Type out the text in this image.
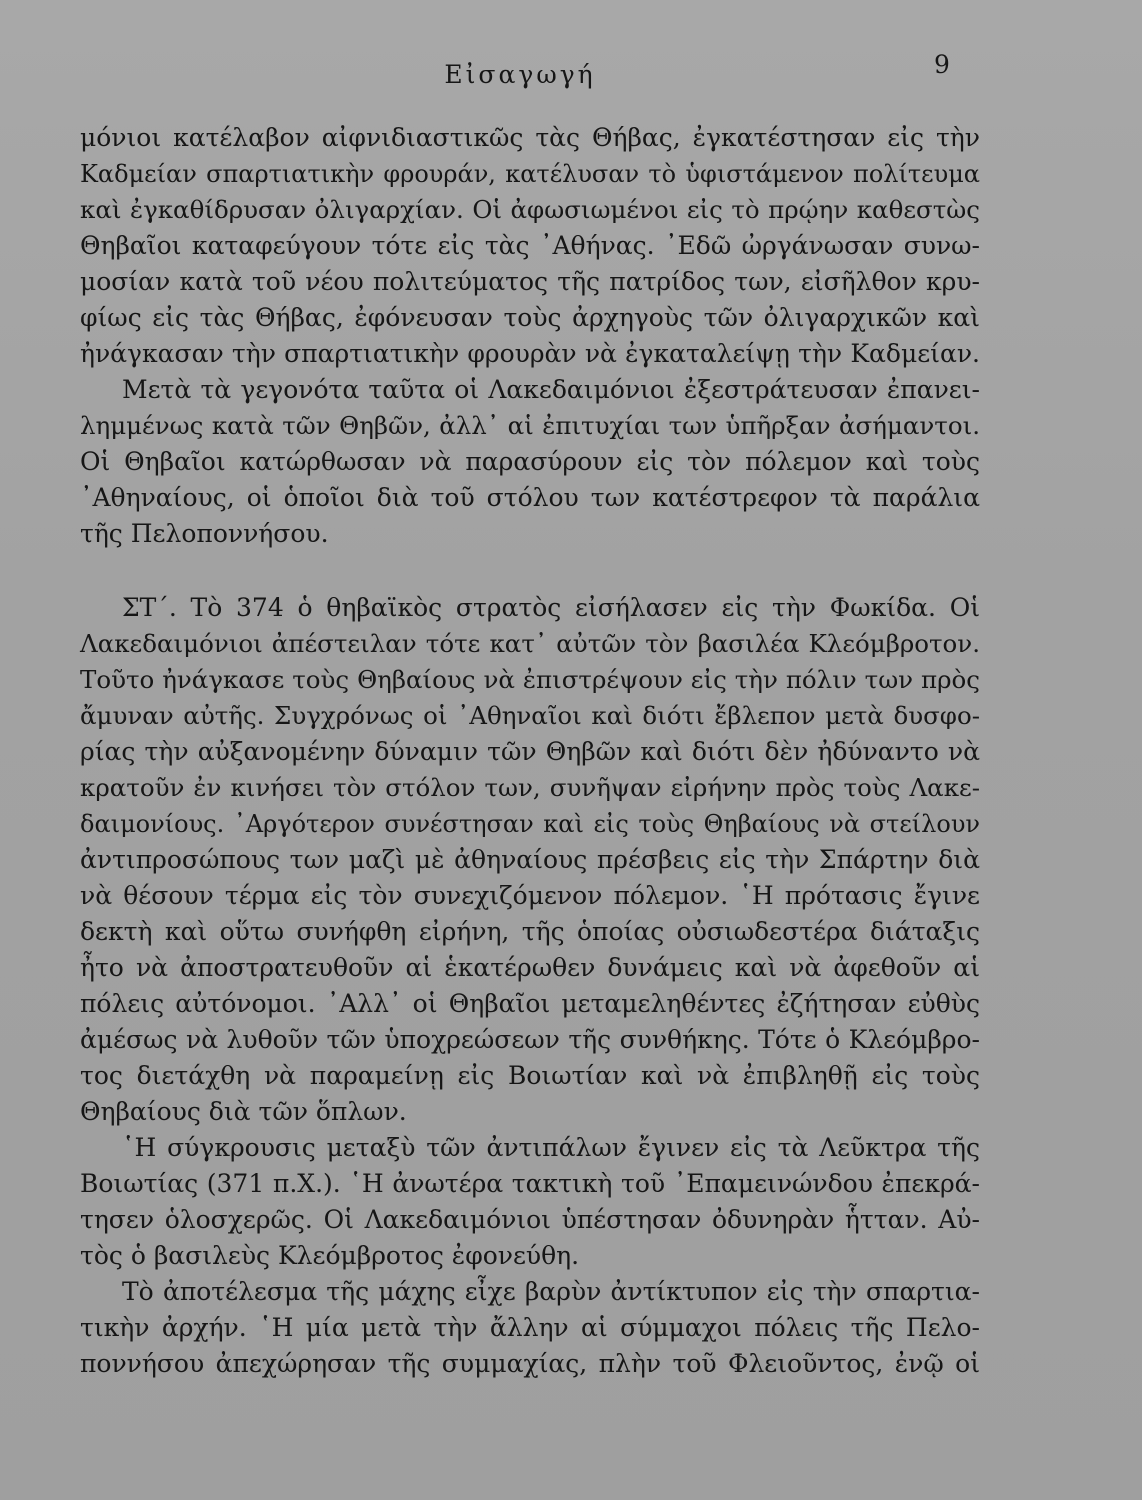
Εἰσαγωγή	9
μόνιοι κατέλαβον αἰφνιδιαστικῶς τὰς Θήβας, ἐγκατέστησαν εἰς τὴν
Καδμείαν σπαρτιατικὴν φρουράν, κατέλυσαν τὸ ὑφιστάμενον πολίτευμα
καὶ ἐγκαθίδρυσαν ὀλιγαρχίαν. Οἱ ἀφωσιωμένοι εἰς τὸ πρῴην καθεστὼς
Θηβαῖοι καταφεύγουν τότε εἰς τὰς ᾿Αθήνας. ᾿Εδῶ ὠργάνωσαν συνω-
μοσίαν κατὰ τοῦ νέου πολιτεύματος τῆς πατρίδος των, εἰσῆλθον κρυ-
φίως εἰς τὰς Θήβας, ἐφόνευσαν τοὺς ἀρχηγοὺς τῶν ὀλιγαρχικῶν καὶ
ἠνάγκασαν τὴν σπαρτιατικὴν φρουρὰν νὰ ἐγκαταλείψῃ τὴν Καδμείαν.
Μετὰ τὰ γεγονότα ταῦτα οἱ Λακεδαιμόνιοι ἐξεστράτευσαν ἐπανει-
λημμένως κατὰ τῶν Θηβῶν, ἀλλ᾿ αἱ ἐπιτυχίαι των ὑπῆρξαν ἀσήμαντοι.
Οἱ Θηβαῖοι κατώρθωσαν νὰ παρασύρουν εἰς τὸν πόλεμον καὶ τοὺς
᾿Αθηναίους, οἱ ὁποῖοι διὰ τοῦ στόλου των κατέστρεφον τὰ παράλια
τῆς Πελοποννήσου.
ΣΤ΄. Τὸ 374 ὁ θηβαϊκὸς στρατὸς εἰσήλασεν εἰς τὴν Φωκίδα. Οἱ
Λακεδαιμόνιοι ἀπέστειλαν τότε κατ᾿ αὐτῶν τὸν βασιλέα Κλεόμβροτον.
Τοῦτο ἠνάγκασε τοὺς Θηβαίους νὰ ἐπιστρέψουν εἰς τὴν πόλιν των πρὸς
ἄμυναν αὐτῆς. Συγχρόνως οἱ ᾿Αθηναῖοι καὶ διότι ἔβλεπον μετὰ δυσφο-
ρίας τὴν αὐξανομένην δύναμιν τῶν Θηβῶν καὶ διότι δὲν ἠδύναντο νὰ
κρατοῦν ἐν κινήσει τὸν στόλον των, συνῆψαν εἰρήνην πρὸς τοὺς Λακε-
δαιμονίους. ᾿Αργότερον συνέστησαν καὶ εἰς τοὺς Θηβαίους νὰ στείλουν
ἀντιπροσώπους των μαζὶ μὲ ἀθηναίους πρέσβεις εἰς τὴν Σπάρτην διὰ
νὰ θέσουν τέρμα εἰς τὸν συνεχιζόμενον πόλεμον. ῾Η πρότασις ἔγινε
δεκτὴ καὶ οὕτω συνήφθη εἰρήνη, τῆς ὁποίας οὐσιωδεστέρα διάταξις
ἦτο νὰ ἀποστρατευθοῦν αἱ ἑκατέρωθεν δυνάμεις καὶ νὰ ἀφεθοῦν αἱ
πόλεις αὐτόνομοι. ᾿Αλλ᾿ οἱ Θηβαῖοι μεταμεληθέντες ἐζήτησαν εὐθὺς
ἀμέσως νὰ λυθοῦν τῶν ὑποχρεώσεων τῆς συνθήκης. Τότε ὁ Κλεόμβρο-
τος διετάχθη νὰ παραμείνῃ εἰς Βοιωτίαν καὶ νὰ ἐπιβληθῇ εἰς τοὺς
Θηβαίους διὰ τῶν ὅπλων.
῾Η σύγκρουσις μεταξὺ τῶν ἀντιπάλων ἔγινεν εἰς τὰ Λεῦκτρα τῆς
Βοιωτίας (371 π.Χ.). ῾Η ἀνωτέρα τακτικὴ τοῦ ᾿Επαμεινώνδου ἐπεκρά-
τησεν ὁλοσχερῶς. Οἱ Λακεδαιμόνιοι ὑπέστησαν ὀδυνηρὰν ἧτταν. Αὐ-
τὸς ὁ βασιλεὺς Κλεόμβροτος ἐφονεύθη.
Τὸ ἀποτέλεσμα τῆς μάχης εἶχε βαρὺν ἀντίκτυπον εἰς τὴν σπαρτια-
τικὴν ἀρχήν. ῾Η μία μετὰ τὴν ἄλλην αἱ σύμμαχοι πόλεις τῆς Πελο-
ποννήσου ἀπεχώρησαν τῆς συμμαχίας, πλὴν τοῦ Φλειοῦντος, ἐνῷ οἱ
